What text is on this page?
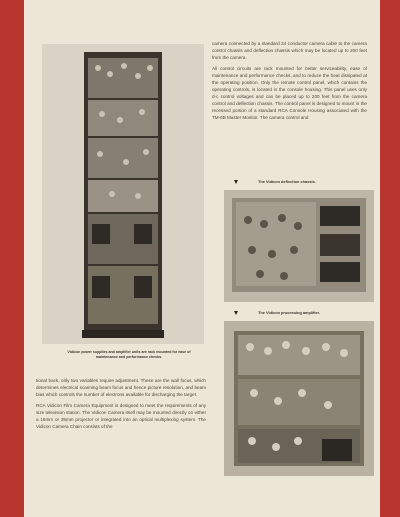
Vidicon power supplies and amplifier units are rack mounted for ease of maintenance and performance checks.

camera connected by a standard 24 conductor camera cable to the camera control chassis and deflection chassis which may be located up to 200 feet from the camera.

All control circuits are rack mounted for better serviceability, ease of maintenance and performance checks, and to reduce the heat dissipated at the operating position. Only the remote control panel, which contains the operating controls, is located in the console housing. This panel uses only d-c control voltages and can be placed up to 200 feet from the camera control and deflection chassis. The control panel is designed to mount in the recessed portion of a standard RCA Console Housing associated with the TM-6B Master Monitor. The camera control and

The Vidicon deflection chassis.
The Vidicon processing amplifier.

tional back, only two variables require adjustment. These are the wall focus, which determines electrical scanning beam focus and hence picture resolution, and beam bias which controls the number of electrons available for discharging the target.

RCA Vidicon Film Camera Equipment is designed to meet the requirements of any size television station. The Vidicon Camera itself may be mounted directly on either a 16mm or 35mm projector or integrated into an optical multiplexing system. The Vidicon Camera Chain consists of the
